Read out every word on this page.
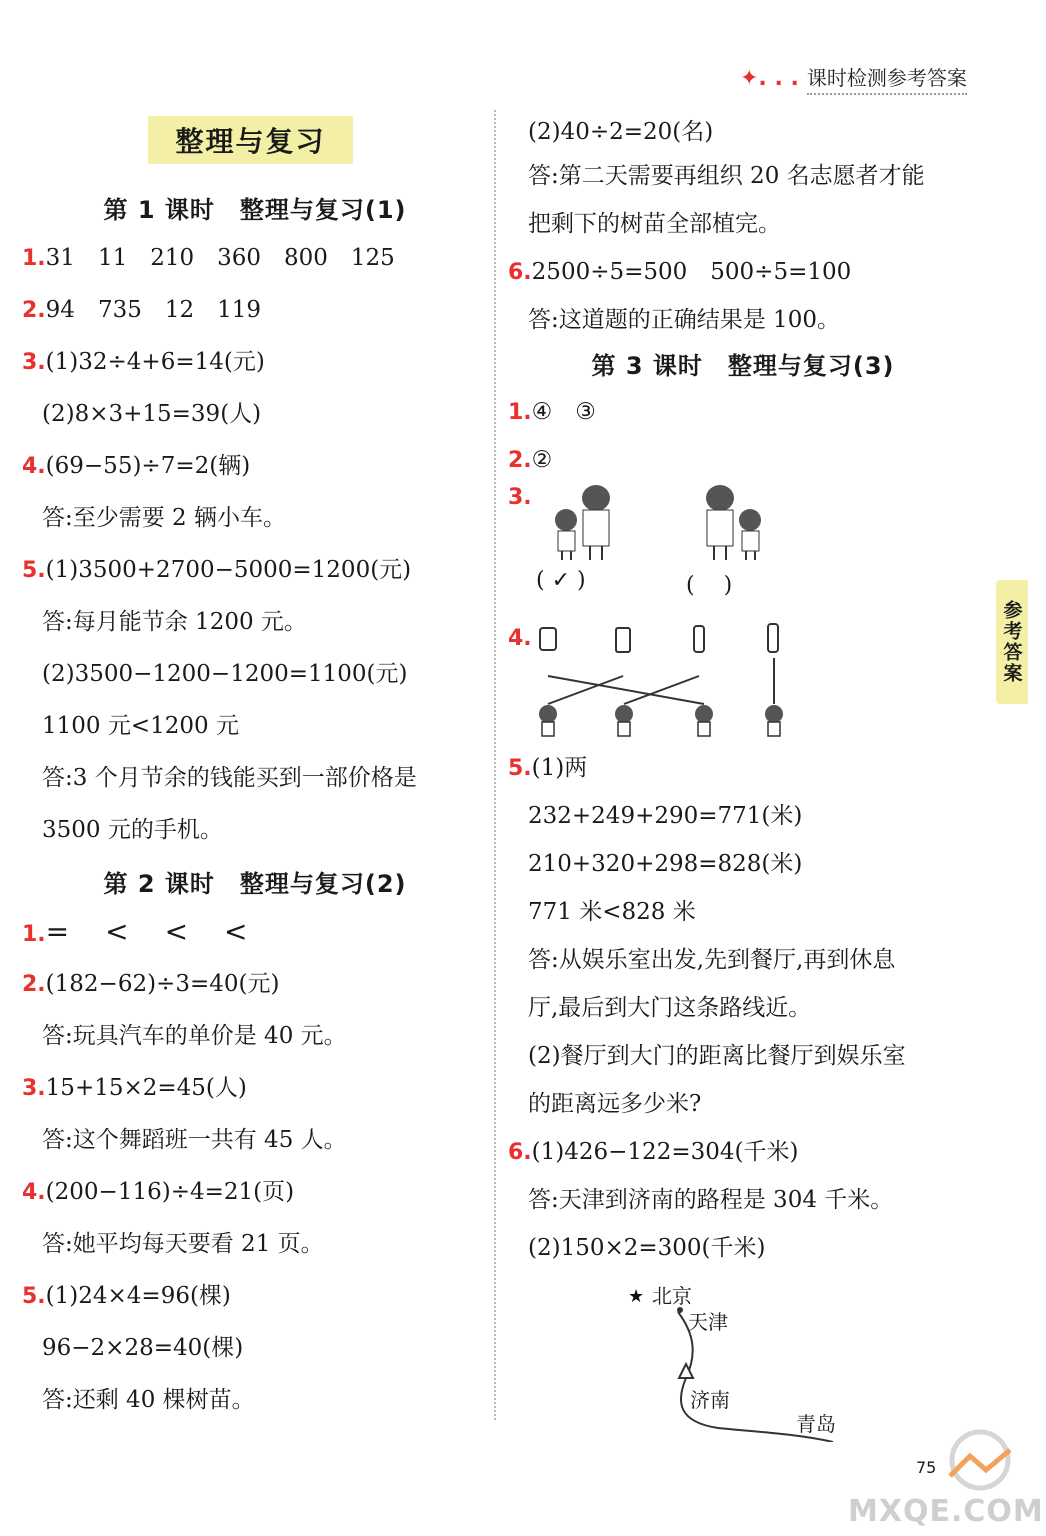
✦. . . 课时检测参考答案
整理与复习
第 1 课时　整理与复习(1)
1.31　11　210　360　800　125
2.94　735　12　119
3.(1)32÷4+6=14(元)
(2)8×3+15=39(人)
4.(69−55)÷7=2(辆)
答:至少需要 2 辆小车。
5.(1)3500+2700−5000=1200(元)
答:每月能节余 1200 元。
(2)3500−1200−1200=1100(元)
1100 元<1200 元
答:3 个月节余的钱能买到一部价格是
3500 元的手机。
第 2 课时　整理与复习(2)
1.=　<　<　<
2.(182−62)÷3=40(元)
答:玩具汽车的单价是 40 元。
3.15+15×2=45(人)
答:这个舞蹈班一共有 45 人。
4.(200−116)÷4=21(页)
答:她平均每天要看 21 页。
5.(1)24×4=96(棵)
96−2×28=40(棵)
答:还剩 40 棵树苗。
(2)40÷2=20(名)
答:第二天需要再组织 20 名志愿者才能
把剩下的树苗全部植完。
6.2500÷5=500　500÷5=100
答:这道题的正确结果是 100。
第 3 课时　整理与复习(3)
1.④　③
2.②
3.
( ✓ )	(　 )
4.
5.(1)两
232+249+290=771(米)
210+320+298=828(米)
771 米<828 米
答:从娱乐室出发,先到餐厅,再到休息
厅,最后到大门这条路线近。
(2)餐厅到大门的距离比餐厅到娱乐室
的距离远多少米?
6.(1)426−122=304(千米)
答:天津到济南的路程是 304 千米。
(2)150×2=300(千米)
★ 北京
天津
济南
青岛
参考答案
75
MXQE.COM
